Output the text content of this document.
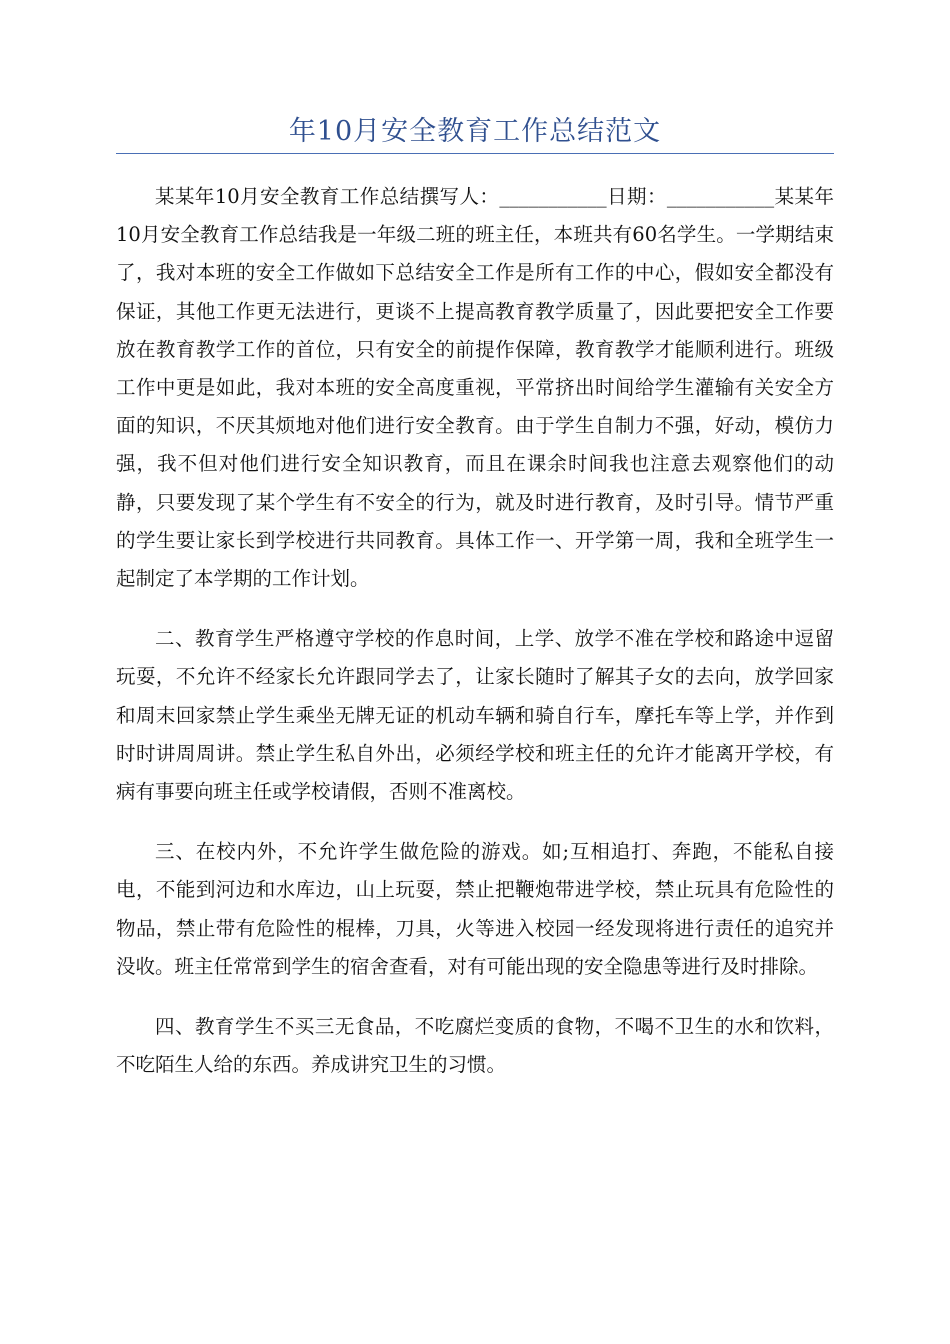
年10月安全教育工作总结范文

某某年10月安全教育工作总结撰写人：___________日期：___________某某年10月安全教育工作总结我是一年级二班的班主任，本班共有60名学生。一学期结束了，我对本班的安全工作做如下总结安全工作是所有工作的中心，假如安全都没有保证，其他工作更无法进行，更谈不上提高教育教学质量了，因此要把安全工作要放在教育教学工作的首位，只有安全的前提作保障，教育教学才能顺利进行。班级工作中更是如此，我对本班的安全高度重视，平常挤出时间给学生灌输有关安全方面的知识，不厌其烦地对他们进行安全教育。由于学生自制力不强，好动，模仿力强，我不但对他们进行安全知识教育，而且在课余时间我也注意去观察他们的动静，只要发现了某个学生有不安全的行为，就及时进行教育，及时引导。情节严重的学生要让家长到学校进行共同教育。具体工作一、开学第一周，我和全班学生一起制定了本学期的工作计划。

二、教育学生严格遵守学校的作息时间，上学、放学不准在学校和路途中逗留玩耍，不允许不经家长允许跟同学去了，让家长随时了解其子女的去向，放学回家和周末回家禁止学生乘坐无牌无证的机动车辆和骑自行车，摩托车等上学，并作到时时讲周周讲。禁止学生私自外出，必须经学校和班主任的允许才能离开学校，有病有事要向班主任或学校请假，否则不准离校。

三、在校内外，不允许学生做危险的游戏。如;互相追打、奔跑，不能私自接电，不能到河边和水库边，山上玩耍，禁止把鞭炮带进学校，禁止玩具有危险性的物品，禁止带有危险性的棍棒，刀具，火等进入校园一经发现将进行责任的追究并没收。班主任常常到学生的宿舍查看，对有可能出现的安全隐患等进行及时排除。

四、教育学生不买三无食品，不吃腐烂变质的食物，不喝不卫生的水和饮料，不吃陌生人给的东西。养成讲究卫生的习惯。
